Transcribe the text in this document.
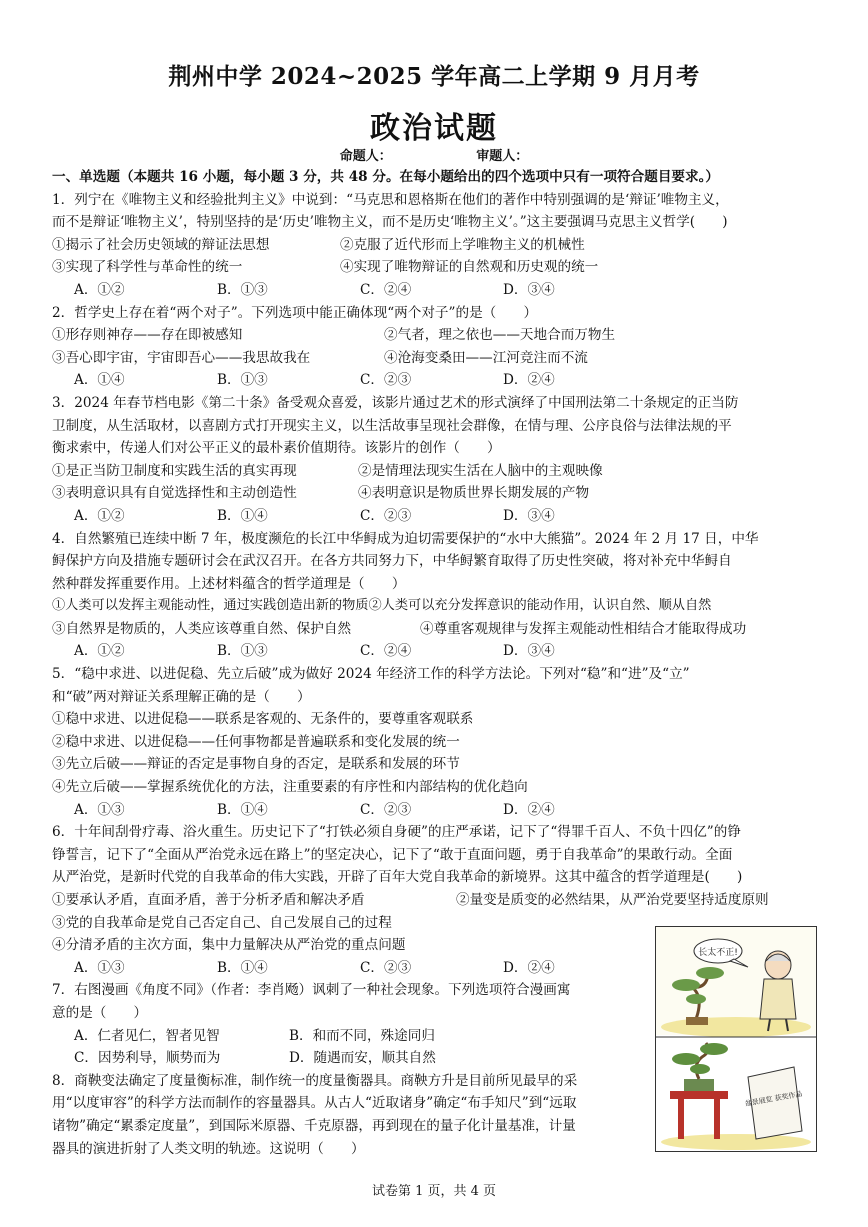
荆州中学 2024~2025 学年高二上学期 9 月月考
政治试题
命题人：	审题人：
一、单选题（本题共 16 小题，每小题 3 分，共 48 分。在每小题给出的四个选项中只有一项符合题目要求。）
1．列宁在《唯物主义和经验批判主义》中说到：“马克思和恩格斯在他们的著作中特别强调的是‘辩证’唯物主义，
而不是辩证‘唯物主义’，特别坚持的是‘历史’唯物主义，而不是历史‘唯物主义’。”这主要强调马克思主义哲学(　　)
①揭示了社会历史领域的辩证法思想	②克服了近代形而上学唯物主义的机械性
③实现了科学性与革命性的统一	④实现了唯物辩证的自然观和历史观的统一
A．①②	B．①③	C．②④	D．③④
2．哲学史上存在着“两个对子”。下列选项中能正确体现“两个对子”的是（　　）
①形存则神存——存在即被感知	②气者，理之依也——天地合而万物生
③吾心即宇宙，宇宙即吾心——我思故我在	④沧海变桑田——江河竞注而不流
A．①④	B．①③	C．②③	D．②④
3．2024 年春节档电影《第二十条》备受观众喜爱，该影片通过艺术的形式演绎了中国刑法第二十条规定的正当防
卫制度，从生活取材，以喜剧方式打开现实主义，以生活故事呈现社会群像，在情与理、公序良俗与法律法规的平
衡求索中，传递人们对公平正义的最朴素价值期待。该影片的创作（　　）
①是正当防卫制度和实践生活的真实再现	②是情理法现实生活在人脑中的主观映像
③表明意识具有自觉选择性和主动创造性	④表明意识是物质世界长期发展的产物
A．①②	B．①④	C．②③	D．③④
4．自然繁殖已连续中断 7 年，极度濒危的长江中华鲟成为迫切需要保护的“水中大熊猫”。2024 年 2 月 17 日，中华
鲟保护方向及措施专题研讨会在武汉召开。在各方共同努力下，中华鲟繁育取得了历史性突破，将对补充中华鲟自
然种群发挥重要作用。上述材料蕴含的哲学道理是（　　）
①人类可以发挥主观能动性，通过实践创造出新的物质②人类可以充分发挥意识的能动作用，认识自然、顺从自然
③自然界是物质的，人类应该尊重自然、保护自然	④尊重客观规律与发挥主观能动性相结合才能取得成功
A．①②	B．①③	C．②④	D．③④
5．“稳中求进、以进促稳、先立后破”成为做好 2024 年经济工作的科学方法论。下列对“稳”和“进”及“立”
和“破”两对辩证关系理解正确的是（　　）
①稳中求进、以进促稳——联系是客观的、无条件的，要尊重客观联系
②稳中求进、以进促稳——任何事物都是普遍联系和变化发展的统一
③先立后破——辩证的否定是事物自身的否定，是联系和发展的环节
④先立后破——掌握系统优化的方法，注重要素的有序性和内部结构的优化趋向
A．①③	B．①④	C．②③	D．②④
6．十年间刮骨疗毒、浴火重生。历史记下了“打铁必须自身硬”的庄严承诺，记下了“得罪千百人、不负十四亿”的铮
铮誓言，记下了“全面从严治党永远在路上”的坚定决心，记下了“敢于直面问题，勇于自我革命”的果敢行动。全面
从严治党，是新时代党的自我革命的伟大实践，开辟了百年大党自我革命的新境界。这其中蕴含的哲学道理是(　　)
①要承认矛盾，直面矛盾，善于分析矛盾和解决矛盾	②量变是质变的必然结果，从严治党要坚持适度原则
③党的自我革命是党自己否定自己、自己发展自己的过程
④分清矛盾的主次方面，集中力量解决从严治党的重点问题
A．①③	B．①④	C．②③	D．②④
7．右图漫画《角度不同》（作者：李肖飏）讽刺了一种社会现象。下列选项符合漫画寓
意的是（　　）
A．仁者见仁，智者见智	B．和而不同，殊途同归
C．因势利导，顺势而为	D．随遇而安，顺其自然
8．商鞅变法确定了度量衡标准，制作统一的度量衡器具。商鞅方升是目前所见最早的采
用“以度审容”的科学方法而制作的容量器具。从古人“近取诸身”确定“布手知尺”到“远取
诸物”确定“累黍定度量”，到国际米原器、千克原器，再到现在的量子化计量基准，计量
器具的演进折射了人类文明的轨迹。这说明（　　）
长太不正!
盆景展览 获奖作品
试卷第 1 页，共 4 页
